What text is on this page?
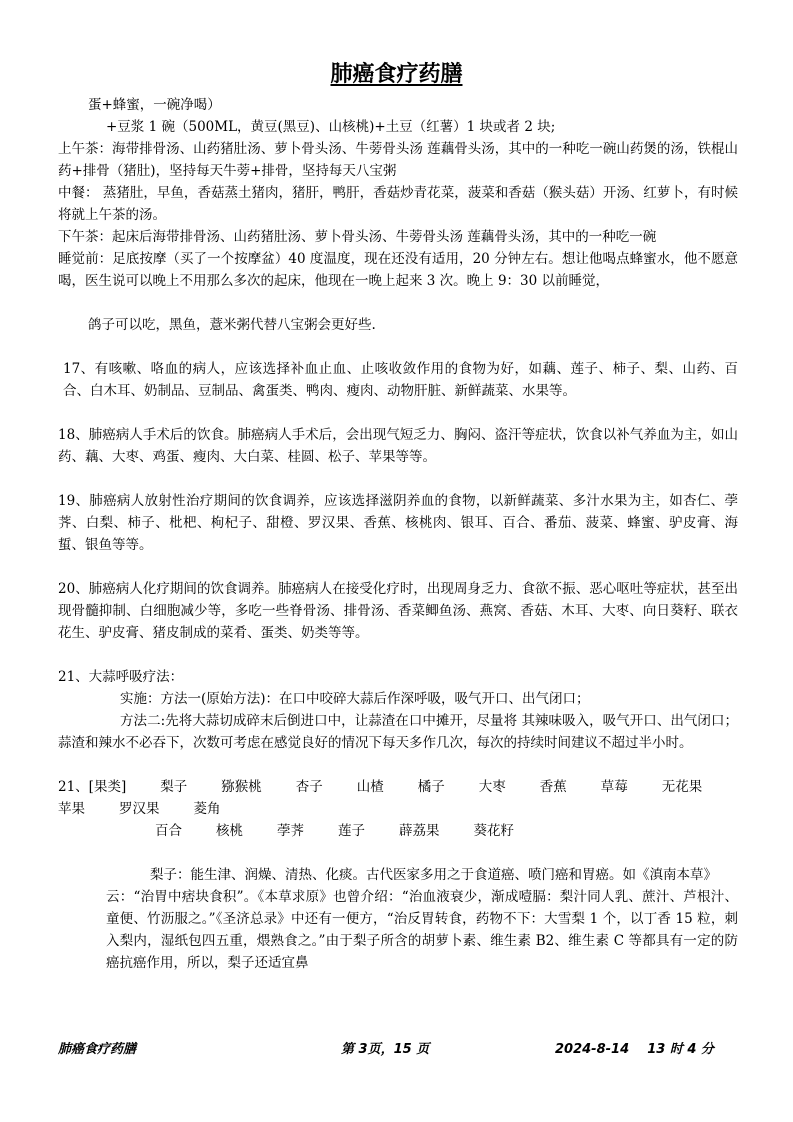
肺癌食疗药膳

蛋+蜂蜜，一碗净喝）

+豆浆 1 碗（500ML，黄豆(黑豆)、山核桃)+土豆（红薯）1 块或者 2 块;

上午茶：海带排骨汤、山药猪肚汤、萝卜骨头汤、牛蒡骨头汤 莲藕骨头汤，其中的一种吃一碗山药煲的汤，铁棍山药+排骨（猪肚)，坚持每天牛蒡+排骨，坚持每天八宝粥

中餐： 蒸猪肚，早鱼，香菇蒸土猪肉，猪肝，鸭肝，香菇炒青花菜，菠菜和香菇（猴头菇）开汤、红萝卜，有时候将就上午茶的汤。

下午茶：起床后海带排骨汤、山药猪肚汤、萝卜骨头汤、牛蒡骨头汤 莲藕骨头汤，其中的一种吃一碗

睡觉前：足底按摩（买了一个按摩盆）40 度温度，现在还没有适用，20 分钟左右。想让他喝点蜂蜜水，他不愿意喝，医生说可以晚上不用那么多次的起床，他现在一晚上起来 3 次。晚上 9：30 以前睡觉，

鸽子可以吃，黑鱼，薏米粥代替八宝粥会更好些.

17、有咳嗽、咯血的病人，应该选择补血止血、止咳收敛作用的食物为好，如藕、莲子、柿子、梨、山药、百合、白木耳、奶制品、豆制品、禽蛋类、鸭肉、瘦肉、动物肝脏、新鲜蔬菜、水果等。

18、肺癌病人手术后的饮食。肺癌病人手术后，会出现气短乏力、胸闷、盗汗等症状，饮食以补气养血为主，如山药、藕、大枣、鸡蛋、瘦肉、大白菜、桂圆、松子、苹果等等。

19、肺癌病人放射性治疗期间的饮食调养，应该选择滋阴养血的食物，以新鲜蔬菜、多汁水果为主，如杏仁、荸荠、白梨、柿子、枇杷、枸杞子、甜橙、罗汉果、香蕉、核桃肉、银耳、百合、番茄、菠菜、蜂蜜、驴皮膏、海蜇、银鱼等等。

20、肺癌病人化疗期间的饮食调养。肺癌病人在接受化疗时，出现周身乏力、食欲不振、恶心呕吐等症状，甚至出现骨髓抑制、白细胞减少等，多吃一些脊骨汤、排骨汤、香菜鲫鱼汤、燕窝、香菇、木耳、大枣、向日葵籽、联衣花生、驴皮膏、猪皮制成的菜肴、蛋类、奶类等等。

21、大蒜呼吸疗法：

实施：方法一(原始方法)：在口中咬碎大蒜后作深呼吸，吸气开口、出气闭口；

方法二:先将大蒜切成碎末后倒进口中，让蒜渣在口中摊开，尽量将 其辣味吸入，吸气开口、出气闭口；蒜渣和辣水不必吞下，次数可考虑在感觉良好的情况下每天多作几次，每次的持续时间建议不超过半小时。

21、[果类]	梨子	猕猴桃	杏子	山楂	橘子	大枣	香蕉	草莓	无花果
苹果	罗汉果	菱角
百合	核桃	荸荠	莲子	薜荔果	葵花籽

梨子：能生津、润燥、清热、化痰。古代医家多用之于食道癌、喷门癌和胃癌。如《滇南本草》

云：“治胃中痞块食积”。《本草求原》也曾介绍：“治血液衰少，渐成噎膈：梨汁同人乳、蔗汁、芦根汁、童便、竹沥服之。”《圣济总录》中还有一便方，“治反胃转食，药物不下：大雪梨 1 个，以丁香 15 粒，刺入梨内，湿纸包四五重，煨熟食之。”由于梨子所含的胡萝卜素、维生素 B2、维生素 C 等都具有一定的防癌抗癌作用，所以，梨子还适宜鼻

肺癌食疗药膳	第 3页，15 页	2024-8-14 13 时 4 分
